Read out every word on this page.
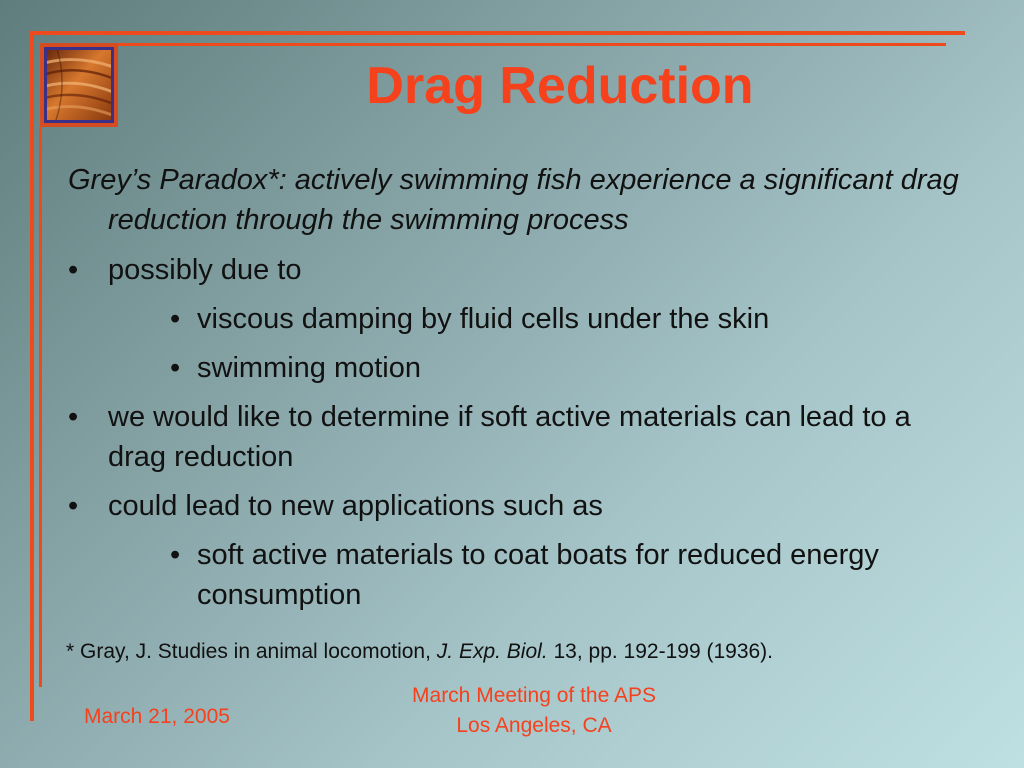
Drag Reduction
Grey’s Paradox*: actively swimming fish experience a significant drag reduction through the swimming process
• possibly due to
• viscous damping by fluid cells under the skin
• swimming motion
• we would like to determine if soft active materials can lead to a drag reduction
• could lead to new applications such as
• soft active materials to coat boats for reduced energy consumption
* Gray, J. Studies in animal locomotion, J. Exp. Biol. 13, pp. 192-199 (1936).
March 21, 2005
March Meeting of the APS
Los Angeles, CA
